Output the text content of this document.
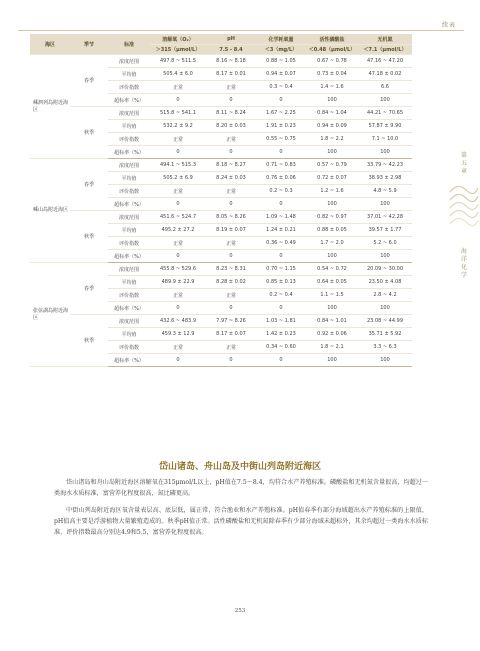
续表
海区	季节	标准	溶解氧（O₂）	pH	化学耗氧量	活性磷酸盐	无机氮
			＞315（μmol/L）	7.5 - 8.4	＜3（mg/L）	＜0.48（μmol/L）	＜7.1（μmol/L）
嵊泗列岛附近海区	春季	浓度范围	497.8 ~ 511.5	8.16 ~ 8.18	0.88 ~ 1.05	0.67 ~ 0.78	47.16 ~ 47.20
		平均值	505.4 ± 6.0	8.17 ± 0.01	0.94 ± 0.07	0.73 ± 0.04	47.18 ± 0.02
		评价指数	正常	正常	0.3 ~ 0.4	1.4 ~ 1.6	6.6
		超标率（%）	0	0	0	100	100
	秋季	浓度范围	515.8 ~ 541.1	8.11 ~ 8.24	1.67 ~ 2.25	0.84 ~ 1.04	44.21 ~ 70.65
		平均值	532.2 ± 9.2	8.20 ± 0.03	1.91 ± 0.23	0.94 ± 0.09	57.87 ± 9.90
		评价指数	正常	正常	0.55 ~ 0.75	1.8 ~ 2.2	7.1 ~ 10.0
		超标率（%）	0	0	0	100	100
嵊山岛附近海区	春季	浓度范围	494.1 ~ 515.3	8.18 ~ 8.27	0.71 ~ 0.83	0.57 ~ 0.79	33.79 ~ 42.23
		平均值	505.2 ± 6.9	8.24 ± 0.03	0.76 ± 0.06	0.72 ± 0.07	38.93 ± 2.98
		评价指数	正常	正常	0.2 ~ 0.3	1.2 ~ 1.6	4.8 ~ 5.9
		超标率（%）	0	0	0	100	100
	秋季	浓度范围	451.6 ~ 524.7	8.05 ~ 8.26	1.09 ~ 1.48	0.82 ~ 0.97	37.01 ~ 42.28
		平均值	495.2 ± 27.2	8.19 ± 0.07	1.24 ± 0.21	0.88 ± 0.05	39.57 ± 1.77
		评价指数	正常	正常	0.36 ~ 0.49	1.7 ~ 2.0	5.2 ~ 6.0
		超标率（%）	0	0	0	100	100
张弦湖岛附近海区	春季	浓度范围	455.8 ~ 529.6	8.23 ~ 8.31	0.70 ~ 1.15	0.54 ~ 0.72	20.09 ~ 30.00
		平均值	489.9 ± 22.9	8.28 ± 0.02	0.85 ± 0.13	0.64 ± 0.05	23.50 ± 4.08
		评价指数	正常	正常	0.2 ~ 0.4	1.1 ~ 1.5	2.8 ~ 4.2
		超标率（%）	0	0	0	100	100
	秋季	浓度范围	432.6 ~ 483.9	7.97 ~ 8.26	1.03 ~ 1.81	0.84 ~ 1.01	23.08 ~ 44.99
		平均值	459.3 ± 12.9	8.17 ± 0.07	1.42 ± 0.23	0.92 ± 0.06	35.71 ± 5.92
		评价指数	正常	正常	0.34 ~ 0.60	1.8 ~ 2.1	3.3 ~ 6.3
		超标率（%）	0	0	0	100	100
第
五
章
海
洋
化
学
岱山诸岛、舟山岛及中街山列岛附近海区

岱山诸岛和舟山岛附近海区溶解氧在315μmol/L以上，pH值在7.5～8.4，均符合水产养殖标准。磷酸盐和无机氮含量很高，均超过一类海水水质标准，富营养化程度很高，氮比磷更高。

中街山列岛附近海区氧含量表层高、底层低，属正常，符合渔业和水产养殖标准。pH值春季有部分海域超出水产养殖标准的上限值，pH值高主要是浮游植物大量繁殖造成的。秋季pH值正常。活性磷酸盐和无机氮除春季有少部分海域未超标外，其余均超过一类海水水质标准，评价指数最高分别达4.9和5.5，富营养化程度很高。

253
